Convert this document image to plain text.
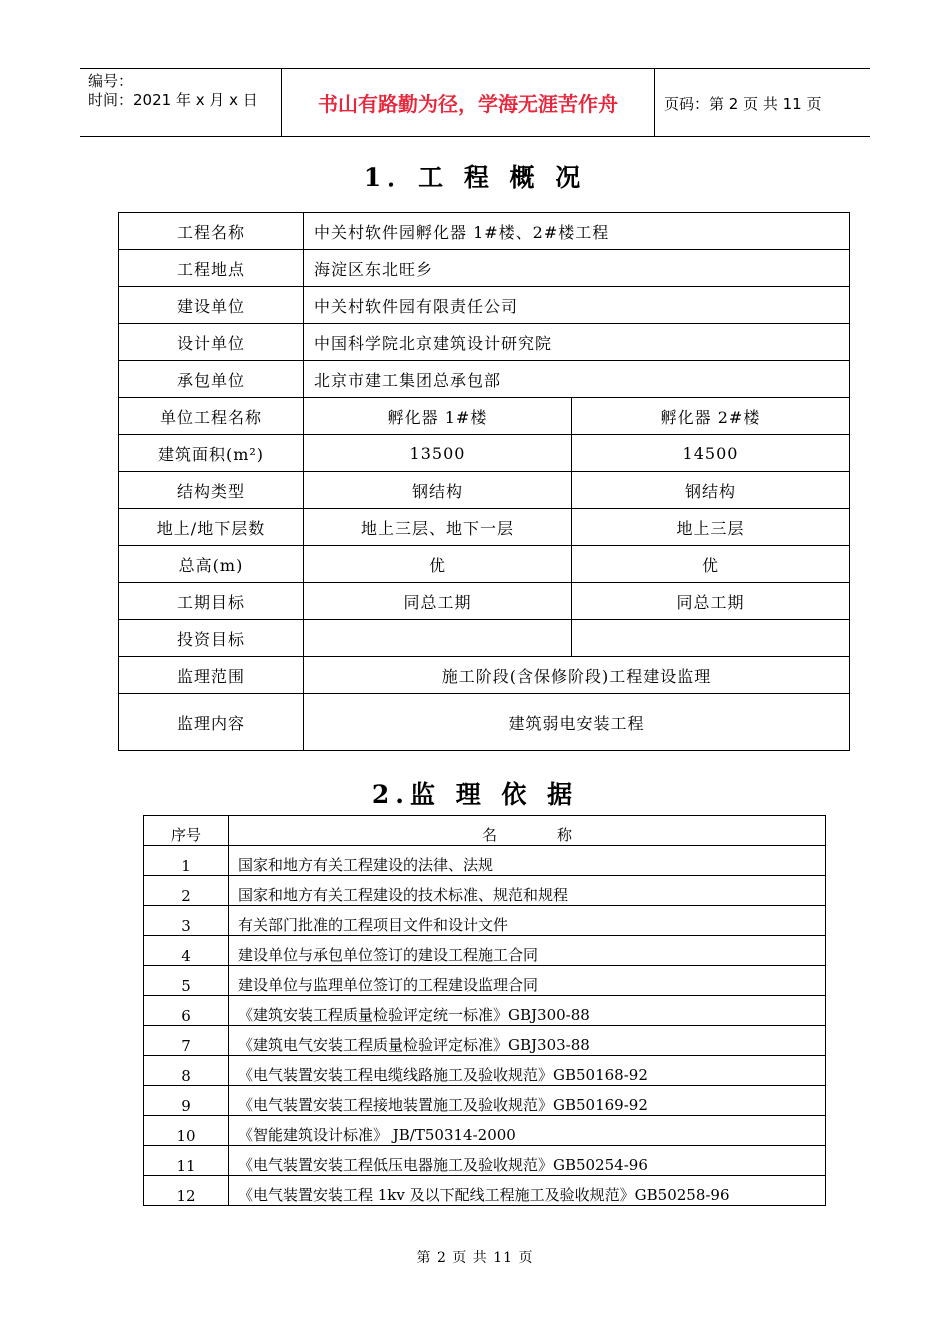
编号：
时间：2021 年 x 月 x 日	书山有路勤为径，学海无涯苦作舟	页码：第 2 页 共 11 页
1．工 程 概 况
工程名称	中关村软件园孵化器 1#楼、2#楼工程	
工程地点	海淀区东北旺乡	
建设单位	中关村软件园有限责任公司	
设计单位	中国科学院北京建筑设计研究院	
承包单位	北京市建工集团总承包部	
单位工程名称	孵化器 1#楼	孵化器 2#楼
建筑面积(m²)	13500	14500
结构类型	钢结构	钢结构
地上/地下层数	地上三层、地下一层	地上三层
总高(m)	优	优
工期目标	同总工期	同总工期
投资目标		
监理范围	施工阶段(含保修阶段)工程建设监理	
监理内容	建筑弱电安装工程	
2.监 理 依 据
序号	名 称
1	国家和地方有关工程建设的法律、法规
2	国家和地方有关工程建设的技术标准、规范和规程
3	有关部门批准的工程项目文件和设计文件
4	建设单位与承包单位签订的建设工程施工合同
5	建设单位与监理单位签订的工程建设监理合同
6	《建筑安装工程质量检验评定统一标准》GBJ300-88
7	《建筑电气安装工程质量检验评定标准》GBJ303-88
8	《电气装置安装工程电缆线路施工及验收规范》GB50168-92
9	《电气装置安装工程接地装置施工及验收规范》GB50169-92
10	《智能建筑设计标准》 JB/T50314-2000
11	《电气装置安装工程低压电器施工及验收规范》GB50254-96
12	《电气装置安装工程 1kv 及以下配线工程施工及验收规范》GB50258-96
第 2 页 共 11 页
